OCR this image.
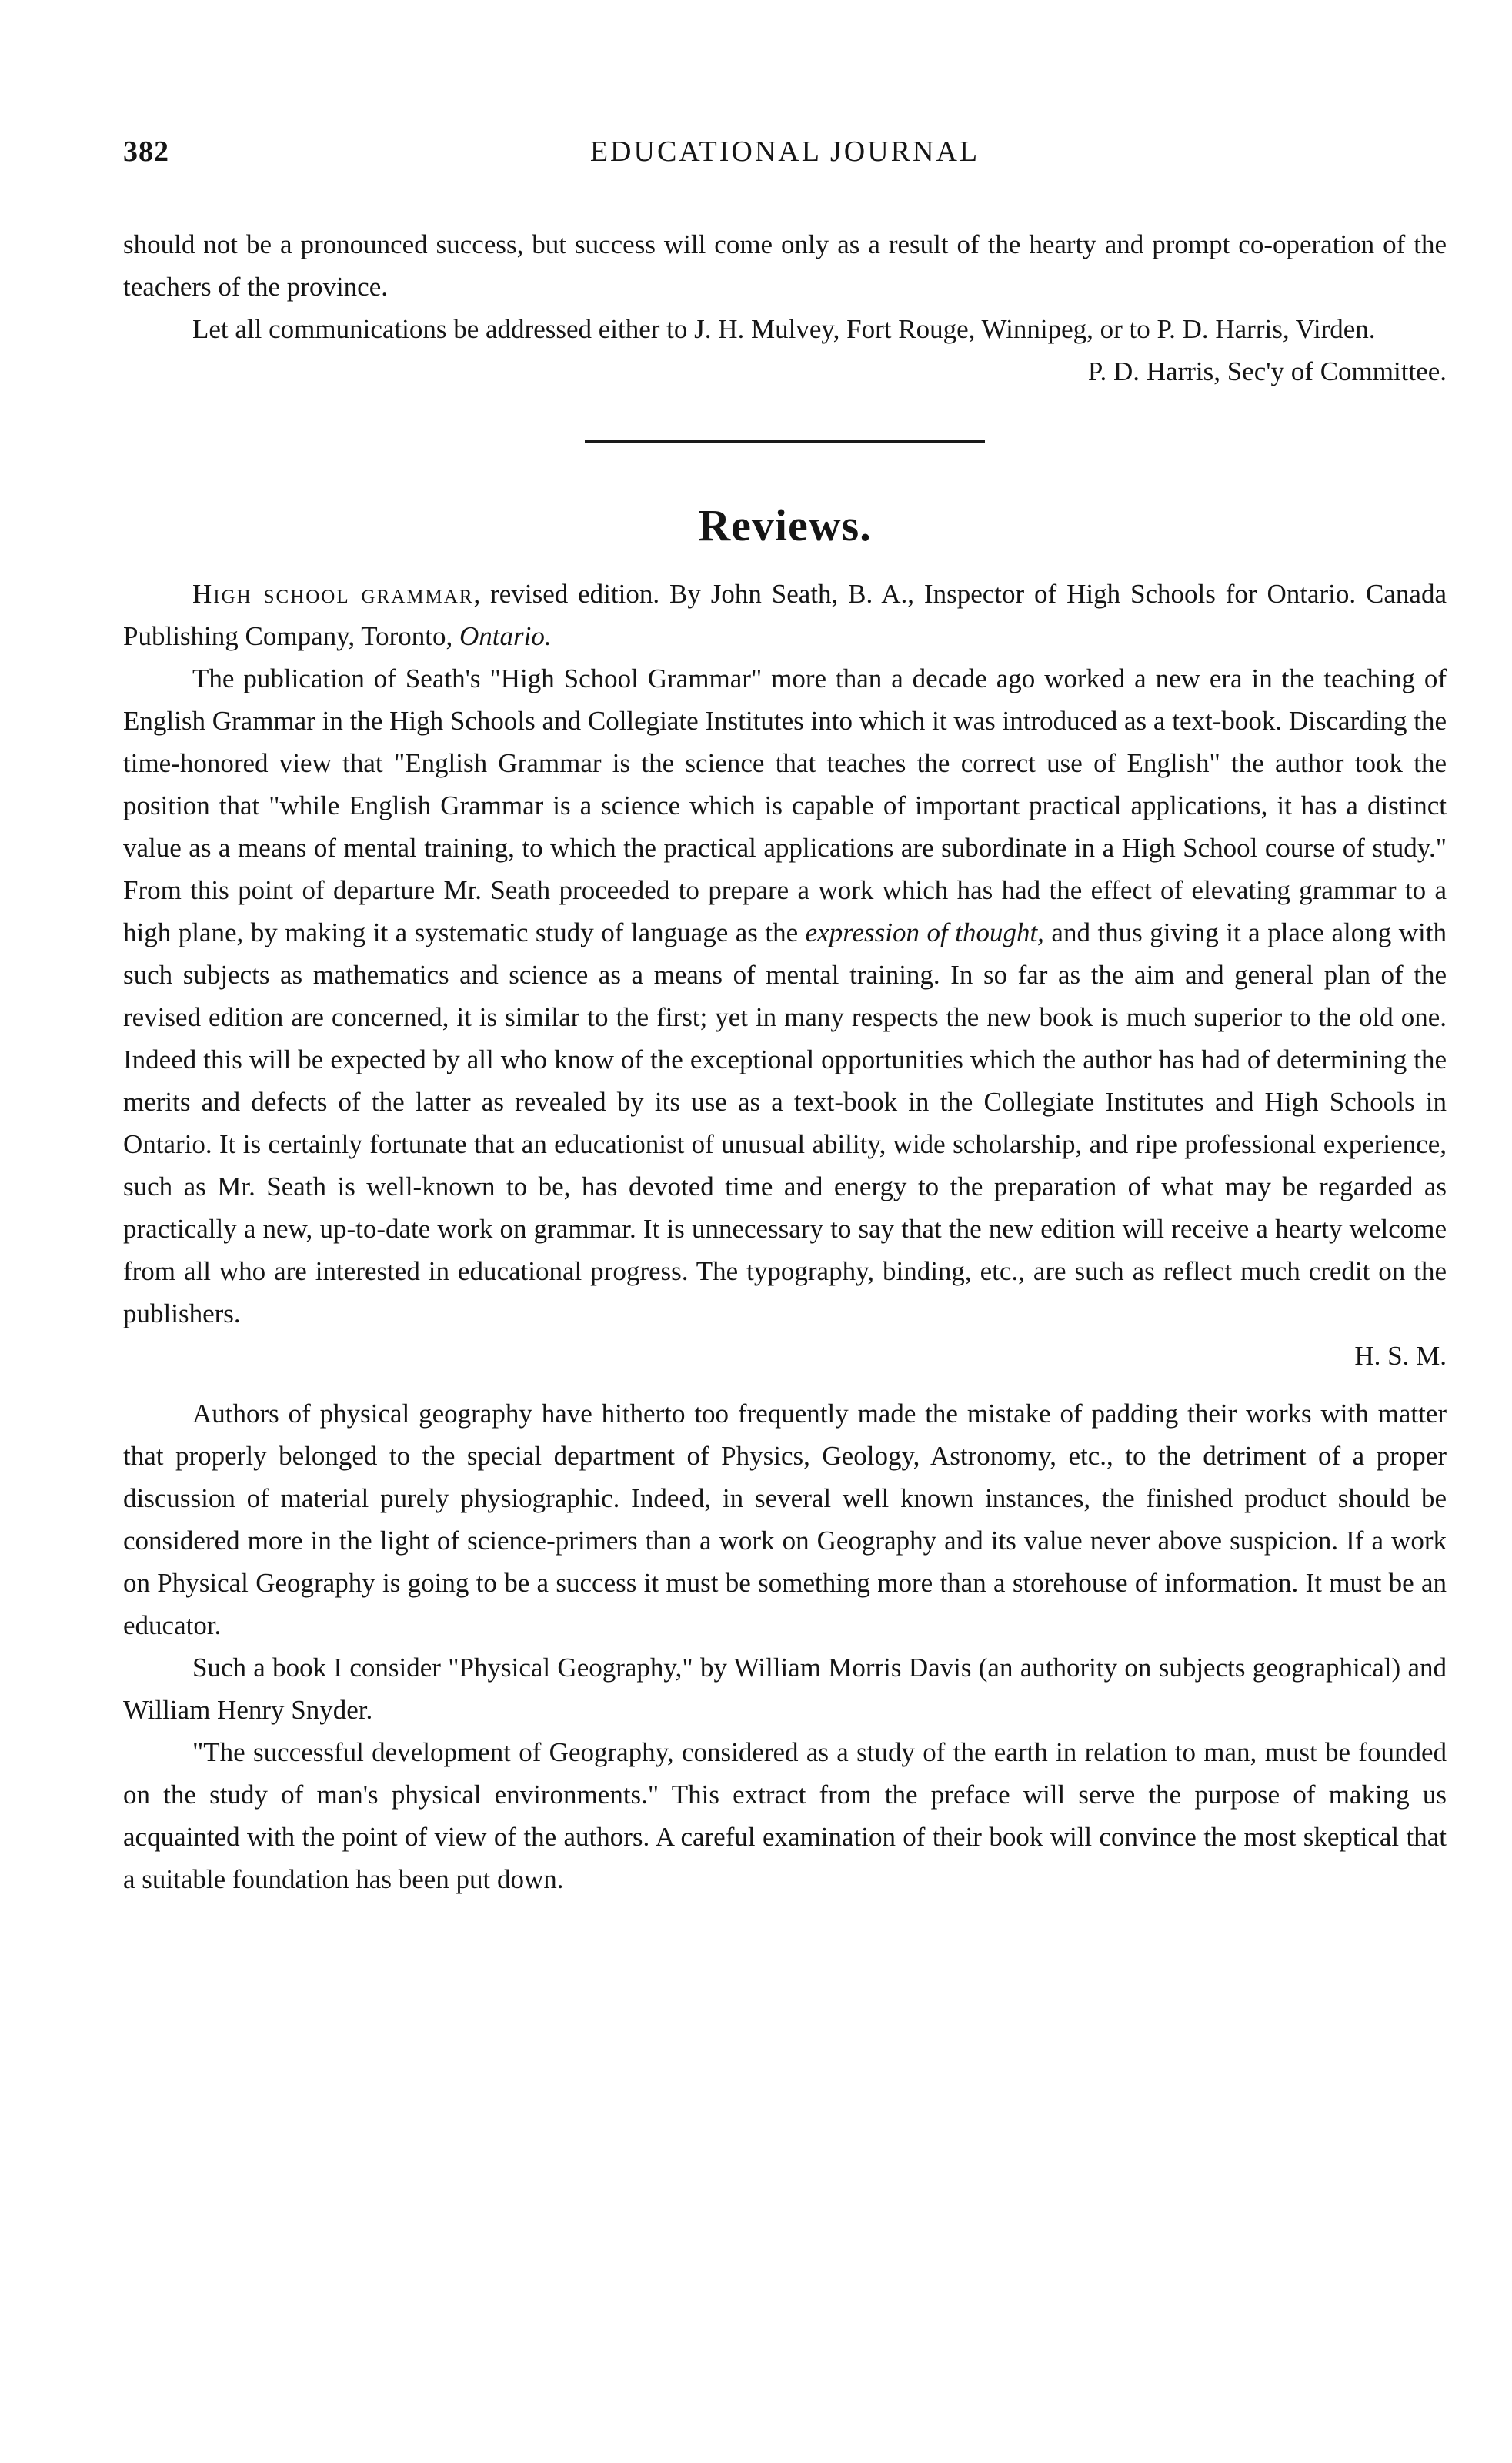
382	EDUCATIONAL JOURNAL

should not be a pronounced success, but success will come only as a result of the hearty and prompt co-operation of the teachers of the province.

Let all communications be addressed either to J. H. Mulvey, Fort Rouge, Winnipeg, or to P. D. Harris, Virden.

P. D. Harris, Sec'y of Committee.

Reviews.

High school grammar, revised edition. By John Seath, B. A., Inspector of High Schools for Ontario. Canada Publishing Company, Toronto, Ontario.

The publication of Seath's "High School Grammar" more than a decade ago worked a new era in the teaching of English Grammar in the High Schools and Collegiate Institutes into which it was introduced as a text-book. Discarding the time-honored view that "English Grammar is the science that teaches the correct use of English" the author took the position that "while English Grammar is a science which is capable of important practical applications, it has a distinct value as a means of mental training, to which the practical applications are subordinate in a High School course of study." From this point of departure Mr. Seath proceeded to prepare a work which has had the effect of elevating grammar to a high plane, by making it a systematic study of language as the expression of thought, and thus giving it a place along with such subjects as mathematics and science as a means of mental training. In so far as the aim and general plan of the revised edition are concerned, it is similar to the first; yet in many respects the new book is much superior to the old one. Indeed this will be expected by all who know of the exceptional opportunities which the author has had of determining the merits and defects of the latter as revealed by its use as a text-book in the Collegiate Institutes and High Schools in Ontario. It is certainly fortunate that an educationist of unusual ability, wide scholarship, and ripe professional experience, such as Mr. Seath is well-known to be, has devoted time and energy to the preparation of what may be regarded as practically a new, up-to-date work on grammar. It is unnecessary to say that the new edition will receive a hearty welcome from all who are interested in educational progress. The typography, binding, etc., are such as reflect much credit on the publishers.

H. S. M.

Authors of physical geography have hitherto too frequently made the mistake of padding their works with matter that properly belonged to the special department of Physics, Geology, Astronomy, etc., to the detriment of a proper discussion of material purely physiographic. Indeed, in several well known instances, the finished product should be considered more in the light of science-primers than a work on Geography and its value never above suspicion. If a work on Physical Geography is going to be a success it must be something more than a storehouse of information. It must be an educator.

Such a book I consider "Physical Geography," by William Morris Davis (an authority on subjects geographical) and William Henry Snyder.

"The successful development of Geography, considered as a study of the earth in relation to man, must be founded on the study of man's physical environments." This extract from the preface will serve the purpose of making us acquainted with the point of view of the authors. A careful examination of their book will convince the most skeptical that a suitable foundation has been put down.
